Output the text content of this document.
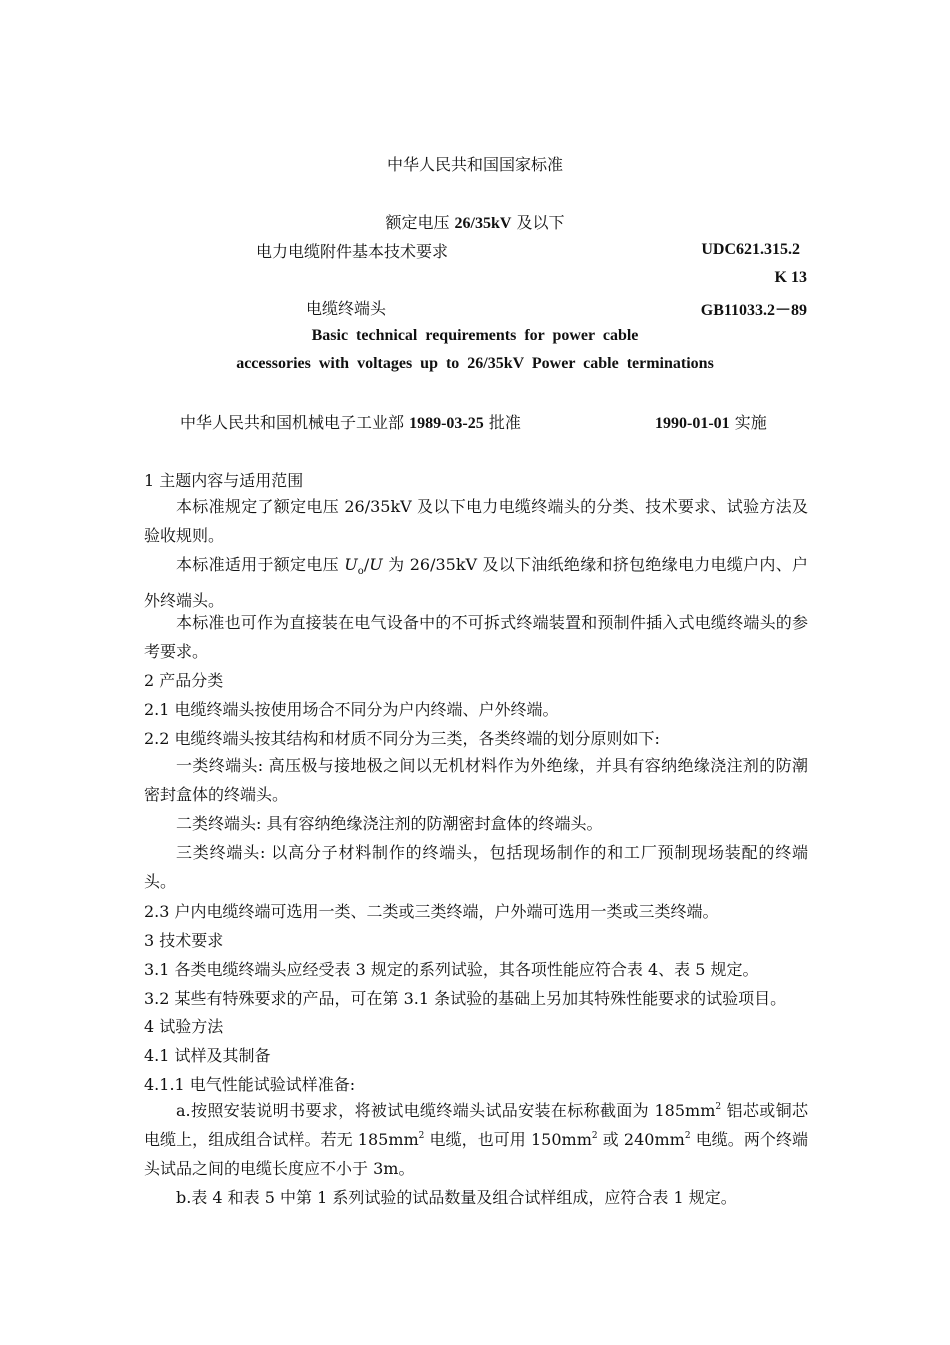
中华人民共和国国家标准
额定电压 26/35kV 及以下
电力电缆附件基本技术要求	UDC621.315.2
K 13
电缆终端头	GB11033.2－89
Basic  technical  requirements  for  power  cable
accessories  with  voltages  up  to  26/35kV  Power  cable  terminations
中华人民共和国机械电子工业部 1989-03-25 批准	1990-01-01 实施
1 主题内容与适用范围
本标准规定了额定电压 26/35kV 及以下电力电缆终端头的分类、技术要求、试验方法及验收规则。
本标准适用于额定电压 $U_o/U$ 为 26/35kV 及以下油纸绝缘和挤包绝缘电力电缆户内、户外终端头。
本标准也可作为直接装在电气设备中的不可拆式终端装置和预制件插入式电缆终端头的参考要求。
2 产品分类
2.1 电缆终端头按使用场合不同分为户内终端、户外终端。
2.2 电缆终端头按其结构和材质不同分为三类，各类终端的划分原则如下:
一类终端头: 高压极与接地极之间以无机材料作为外绝缘，并具有容纳绝缘浇注剂的防潮密封盒体的终端头。
二类终端头: 具有容纳绝缘浇注剂的防潮密封盒体的终端头。
三类终端头: 以高分子材料制作的终端头，包括现场制作的和工厂预制现场装配的终端头。
2.3 户内电缆终端可选用一类、二类或三类终端，户外端可选用一类或三类终端。
3 技术要求
3.1 各类电缆终端头应经受表 3 规定的系列试验，其各项性能应符合表 4、表 5 规定。
3.2 某些有特殊要求的产品，可在第 3.1 条试验的基础上另加其特殊性能要求的试验项目。
4 试验方法
4.1 试样及其制备
4.1.1 电气性能试验试样准备:
a.按照安装说明书要求，将被试电缆终端头试品安装在标称截面为 $185mm^2$ 铝芯或铜芯电缆上，组成组合试样。若无 $185mm^2$ 电缆，也可用 $150mm^2$ 或 $240mm^2$ 电缆。两个终端头试品之间的电缆长度应不小于 3m。
b.表 4 和表 5 中第 1 系列试验的试品数量及组合试样组成，应符合表 1 规定。
